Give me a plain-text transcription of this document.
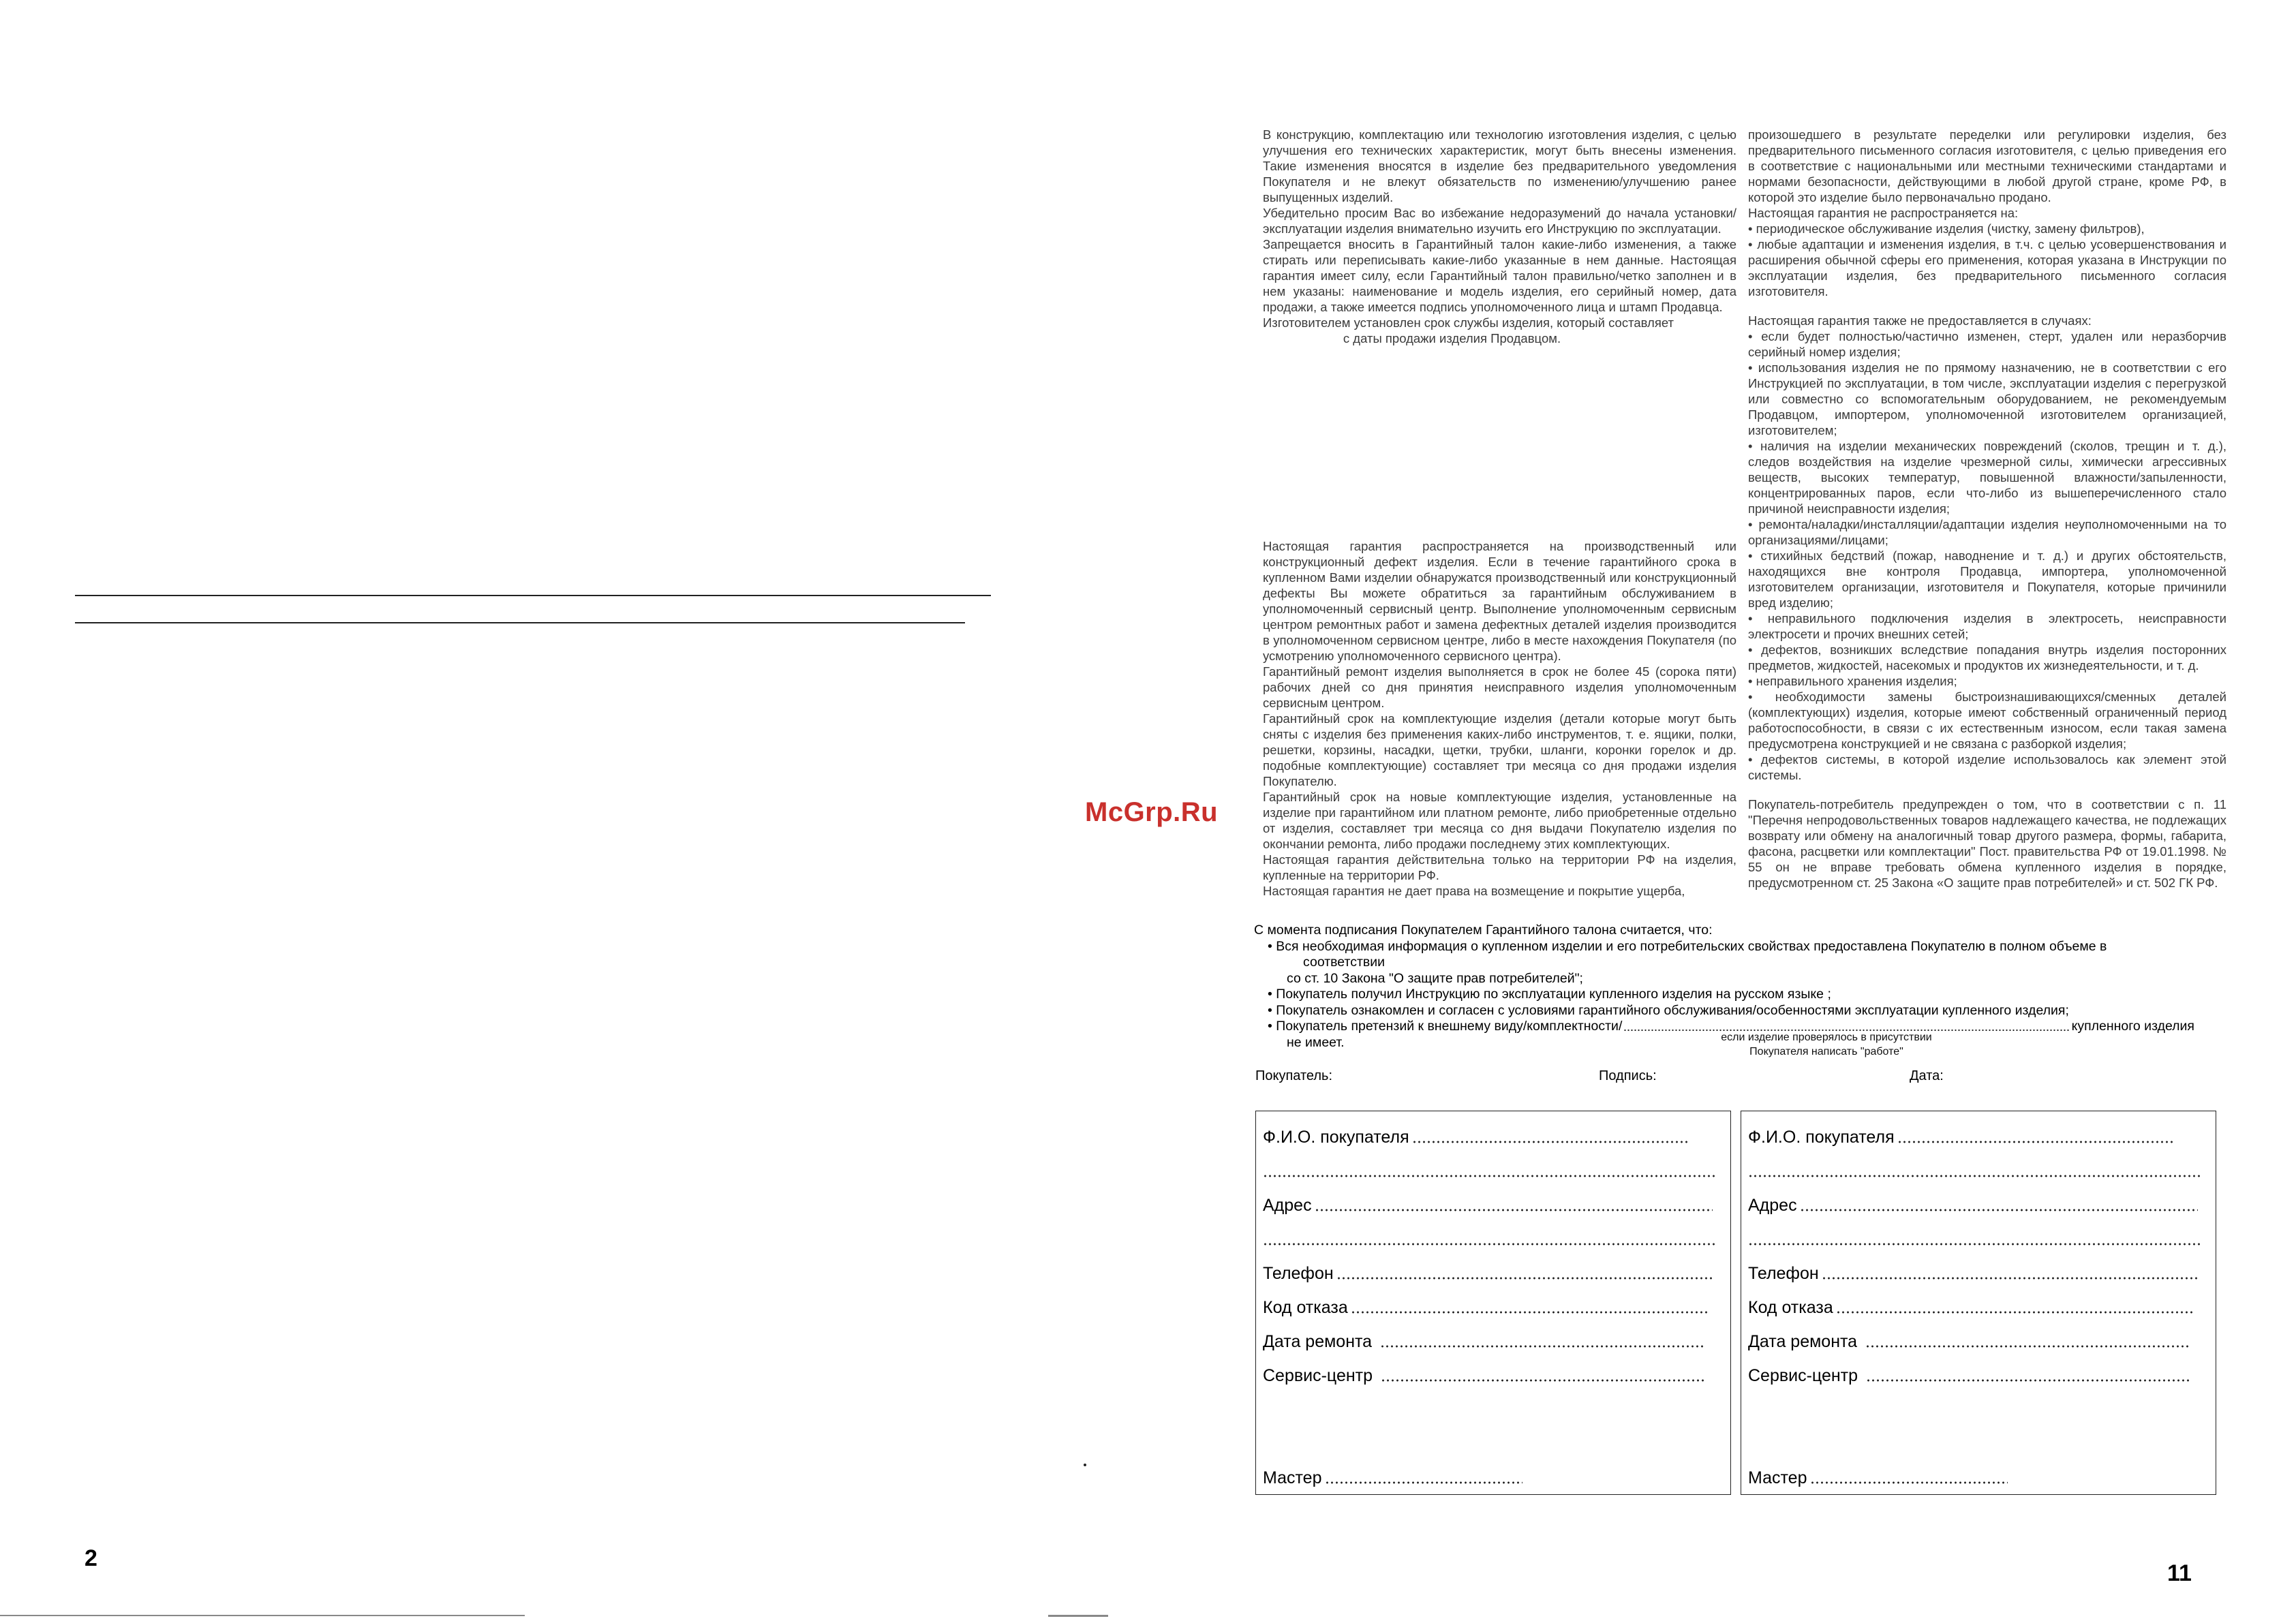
2
11
McGrp.Ru

В конструкцию, комплектацию или технологию изготовления изделия, с целью улучшения его технических характеристик, могут быть внесены изменения. Такие изменения вносятся в изделие без предварительного уведомления Покупателя и не влекут обязательств по изменению/улучшению ранее выпущенных изделий.

Убедительно просим Вас во избежание недоразумений до начала установки/эксплуатации изделия внимательно изучить его Инструкцию по эксплуатации.

Запрещается вносить в Гарантийный талон какие-либо изменения, а также стирать или переписывать какие-либо указанные в нем данные. Настоящая гарантия имеет силу, если Гарантийный талон правильно/четко заполнен и в нем указаны: наименование и модель изделия, его серийный номер, дата продажи, а также имеется подпись уполномоченного лица и штамп Продавца.

Изготовителем установлен срок службы изделия, который составляет

с даты продажи изделия Продавцом.

Настоящая гарантия распространяется на производственный или конструкционный дефект изделия. Если в течение гарантийного срока в купленном Вами изделии обнаружатся производственный или конструкционный дефекты Вы можете обратиться за гарантийным обслуживанием в уполномоченный сервисный центр. Выполнение уполномоченным сервисным центром ремонтных работ и замена дефектных деталей изделия производится в уполномоченном сервисном центре, либо в месте нахождения Покупателя (по усмотрению уполномоченного сервисного центра).

Гарантийный ремонт изделия выполняется в срок не более 45 (сорока пяти) рабочих дней со дня принятия неисправного изделия уполномоченным сервисным центром.

Гарантийный срок на комплектующие изделия (детали которые могут быть сняты с изделия без применения каких-либо инструментов, т. е. ящики, полки, решетки, корзины, насадки, щетки, трубки, шланги, коронки горелок и др. подобные комплектующие) составляет три месяца со дня продажи изделия Покупателю.

Гарантийный срок на новые комплектующие изделия, установленные на изделие при гарантийном или платном ремонте, либо приобретенные отдельно от изделия, составляет три месяца со дня выдачи Покупателю изделия по окончании ремонта, либо продажи последнему этих комплектующих.

Настоящая гарантия действительна только на территории РФ на изделия, купленные на территории РФ.

Настоящая гарантия не дает права на возмещение и покрытие ущерба,

произошедшего в результате переделки или регулировки изделия, без предварительного письменного согласия изготовителя, с целью приведения его в соответствие с национальными или местными техническими стандартами и нормами безопасности, действующими в любой другой стране, кроме РФ, в которой это изделие было первоначально продано.

Настоящая гарантия не распространяется на:

• периодическое обслуживание изделия (чистку, замену фильтров),

• любые адаптации и изменения изделия, в т.ч. с целью усовершенствования и расширения обычной сферы его применения, которая указана в Инструкции по эксплуатации изделия, без предварительного письменного согласия изготовителя.

Настоящая гарантия также не предоставляется в случаях:

• если будет полностью/частично изменен, стерт, удален или неразборчив серийный номер изделия;

• использования изделия не по прямому назначению, не в соответствии с его Инструкцией по эксплуатации, в том числе, эксплуатации изделия с перегрузкой или совместно со вспомогательным оборудованием, не рекомендуемым Продавцом, импортером, уполномоченной изготовителем организацией, изготовителем;

• наличия на изделии механических повреждений (сколов, трещин и т. д.), следов воздействия на изделие чрезмерной силы, химически агрессивных веществ, высоких температур, повышенной влажности/запыленности, концентрированных паров, если что-либо из вышеперечисленного стало причиной неисправности изделия;

• ремонта/наладки/инсталляции/адаптации изделия неуполномоченными на то организациями/лицами;

• стихийных бедствий (пожар, наводнение и т. д.) и других обстоятельств, находящихся вне контроля Продавца, импортера, уполномоченной изготовителем организации, изготовителя и Покупателя, которые причинили вред изделию;

• неправильного подключения изделия в электросеть, неисправности электросети и прочих внешних сетей;

• дефектов, возникших вследствие попадания внутрь изделия посторонних предметов, жидкостей, насекомых и продуктов их жизнедеятельности, и т. д.

• неправильного хранения изделия;

• необходимости замены быстроизнашивающихся/сменных деталей (комплектующих) изделия, которые имеют собственный ограниченный период работоспособности, в связи с их естественным износом, если такая замена предусмотрена конструкцией и не связана с разборкой изделия;

• дефектов системы, в которой изделие использовалось как элемент этой системы.

Покупатель-потребитель предупрежден о том, что в соответствии с п. 11 "Перечня непродовольственных товаров надлежащего качества, не подлежащих возврату или обмену на аналогичный товар другого размера, формы, габарита, фасона, расцветки или комплектации" Пост. правительства РФ от 19.01.1998. № 55 он не вправе требовать обмена купленного изделия в порядке, предусмотренном ст. 25 Закона «О защите прав потребителей» и ст. 502 ГК РФ.

С момента подписания Покупателем Гарантийного талона считается, что:

• Вся необходимая информация о купленном изделии и его потребительских свойствах предоставлена Покупателю в полном объеме в

соответствии

со ст. 10 Закона "О защите прав потребителей";

• Покупатель получил Инструкцию по эксплуатации купленного изделия на русском языке ;

• Покупатель ознакомлен и согласен с условиями гарантийного обслуживания/особенностями эксплуатации купленного изделия;

• Покупатель претензий к внешнему виду/комплектности/	купленного изделия

не имеет.	если изделие проверялось в присутствии
Покупателя написать "работе"
Покупатель:	Подпись:	Дата:
Ф.И.О. покупателя
Адрес
Телефон
Код отказа
Дата ремонта
Сервис-центр
Мастер
Ф.И.О. покупателя
Адрес
Телефон
Код отказа
Дата ремонта
Сервис-центр
Мастер
